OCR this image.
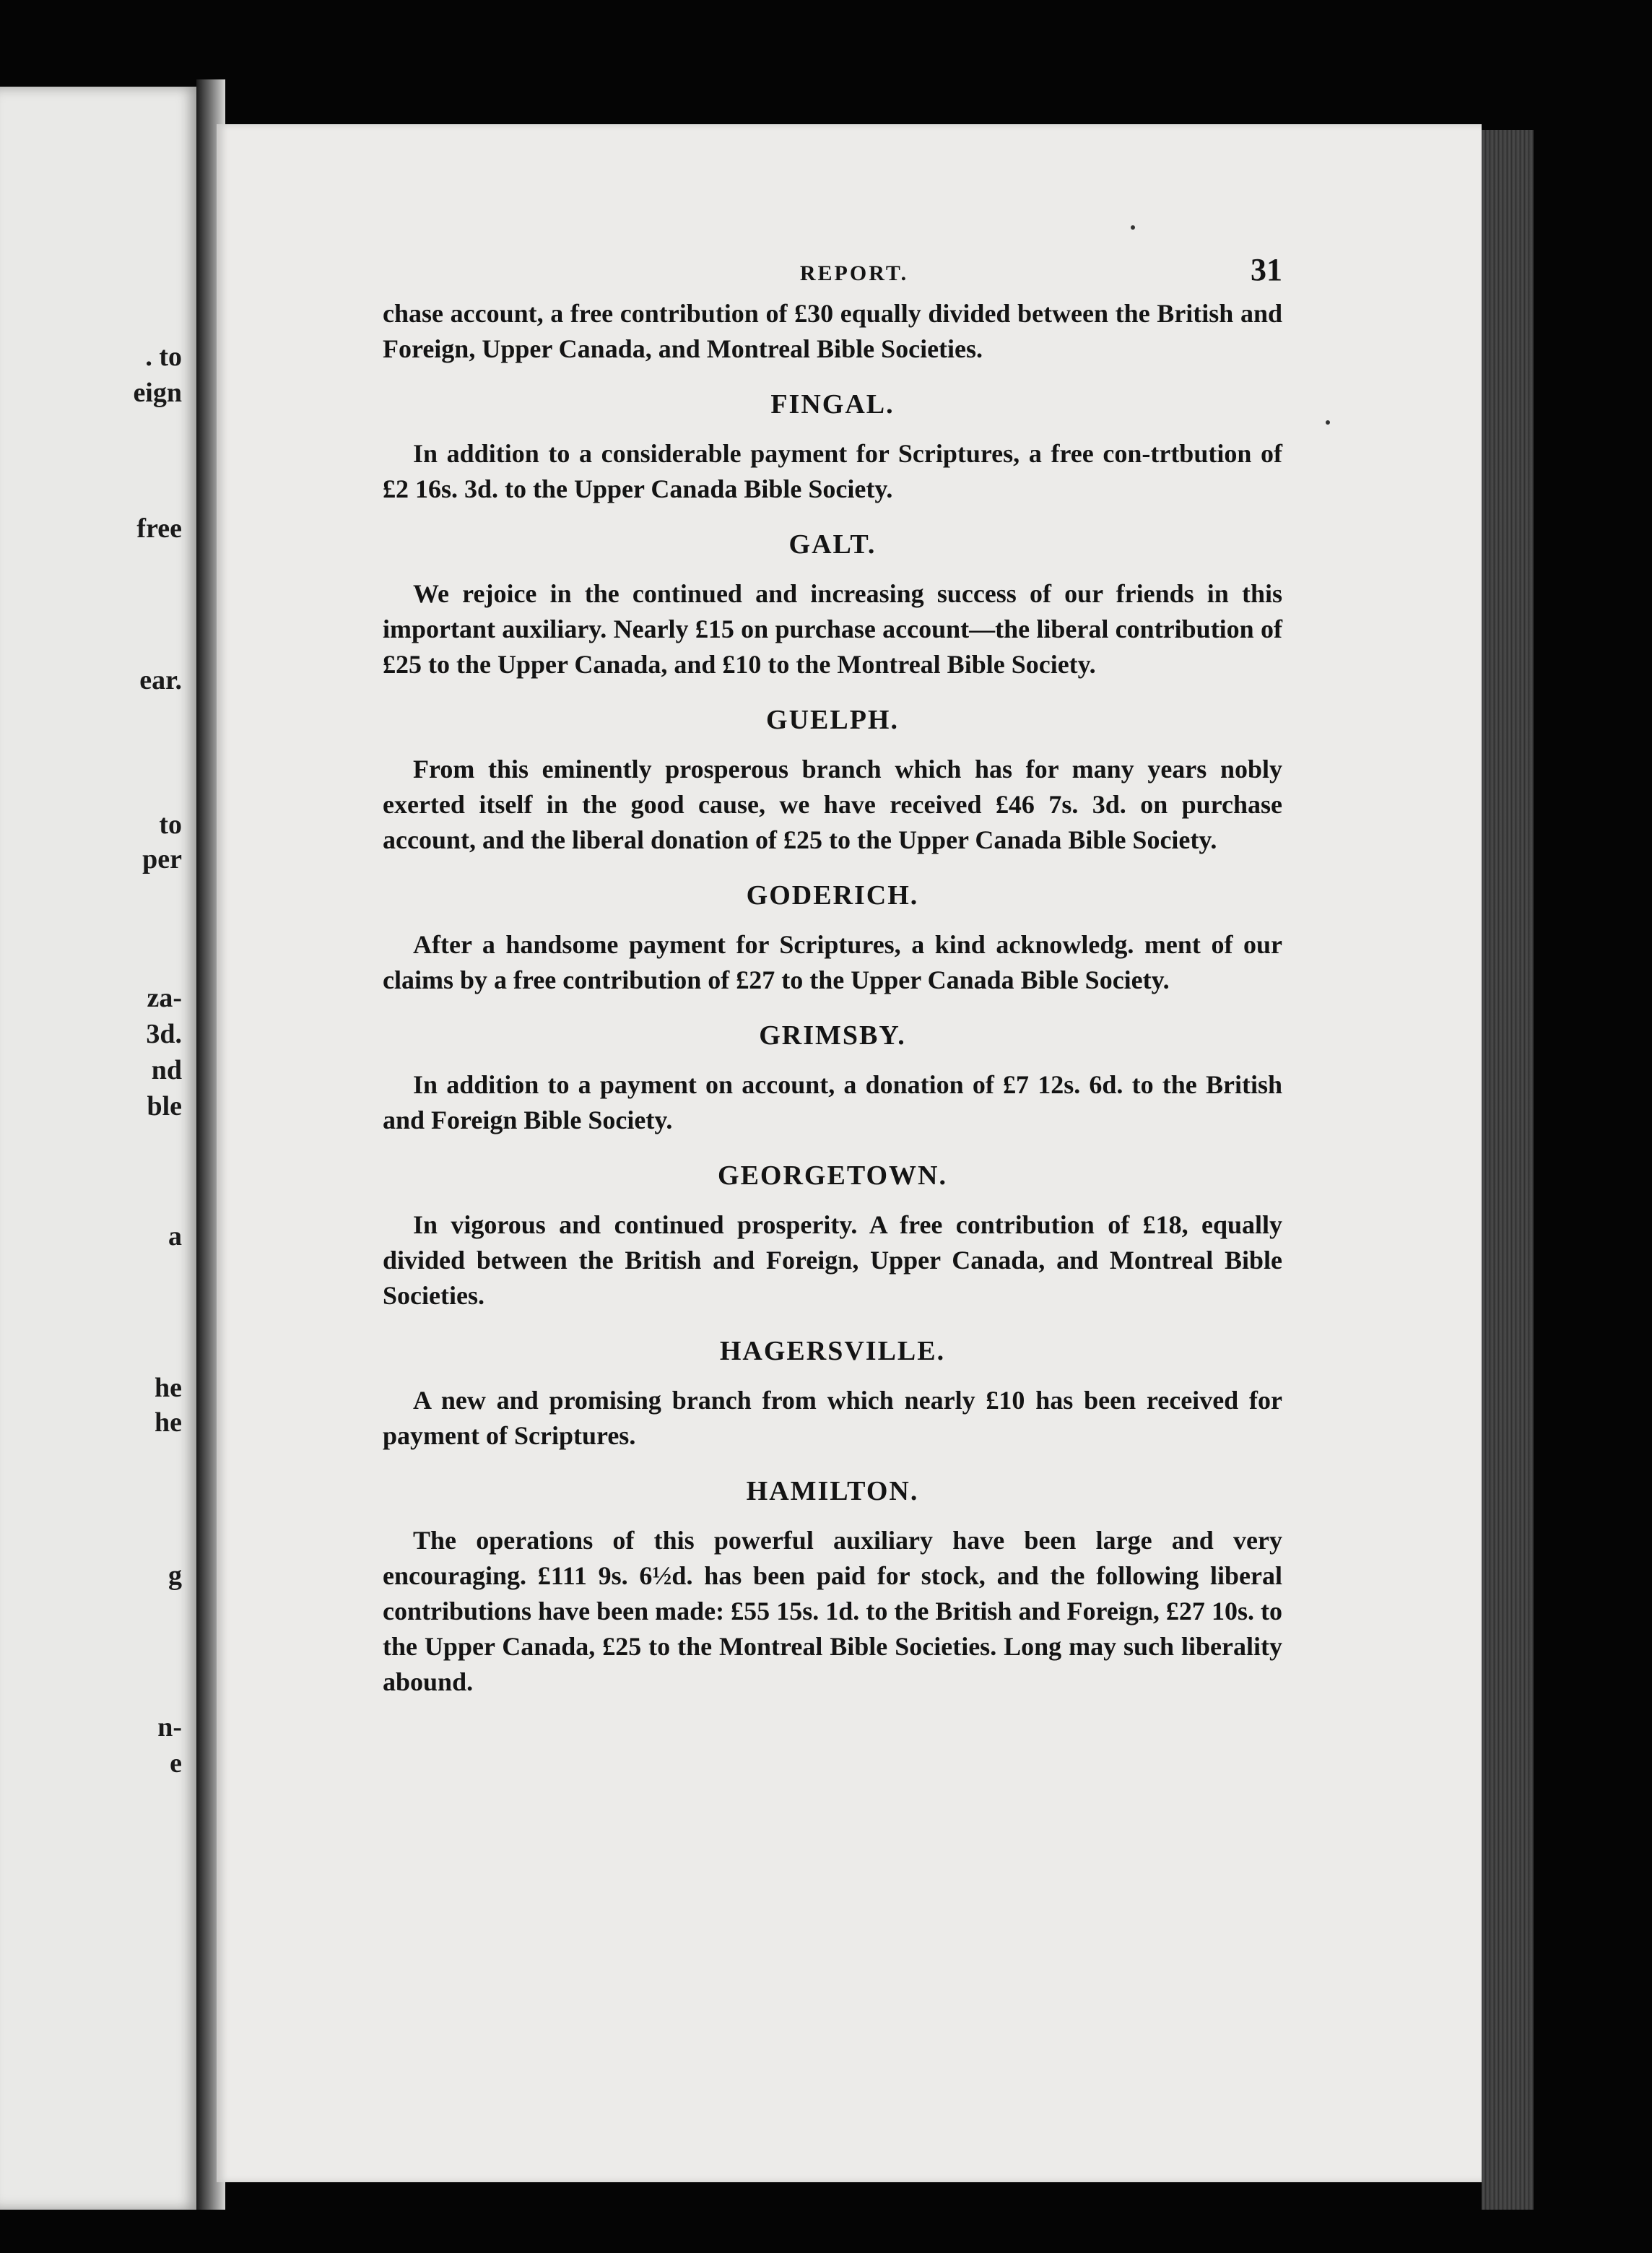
. to
eign
free
ear.
to
per
za-
3d.
nd
ble
a
he
he
g
n-
e
REPORT.	31

chase account, a free contribution of £30 equally divided between the British and Foreign, Upper Canada, and Montreal Bible Societies.

FINGAL.

In addition to a considerable payment for Scriptures, a free con-trtbution of £2 16s. 3d. to the Upper Canada Bible Society.

GALT.

We rejoice in the continued and increasing success of our friends in this important auxiliary. Nearly £15 on purchase account—the liberal contribution of £25 to the Upper Canada, and £10 to the Montreal Bible Society.

GUELPH.

From this eminently prosperous branch which has for many years nobly exerted itself in the good cause, we have received £46 7s. 3d. on purchase account, and the liberal donation of £25 to the Upper Canada Bible Society.

GODERICH.

After a handsome payment for Scriptures, a kind acknowledg. ment of our claims by a free contribution of £27 to the Upper Canada Bible Society.

GRIMSBY.

In addition to a payment on account, a donation of £7 12s. 6d. to the British and Foreign Bible Society.

GEORGETOWN.

In vigorous and continued prosperity. A free contribution of £18, equally divided between the British and Foreign, Upper Canada, and Montreal Bible Societies.

HAGERSVILLE.

A new and promising branch from which nearly £10 has been received for payment of Scriptures.

HAMILTON.

The operations of this powerful auxiliary have been large and very encouraging. £111 9s. 6½d. has been paid for stock, and the following liberal contributions have been made: £55 15s. 1d. to the British and Foreign, £27 10s. to the Upper Canada, £25 to the Montreal Bible Societies. Long may such liberality abound.
